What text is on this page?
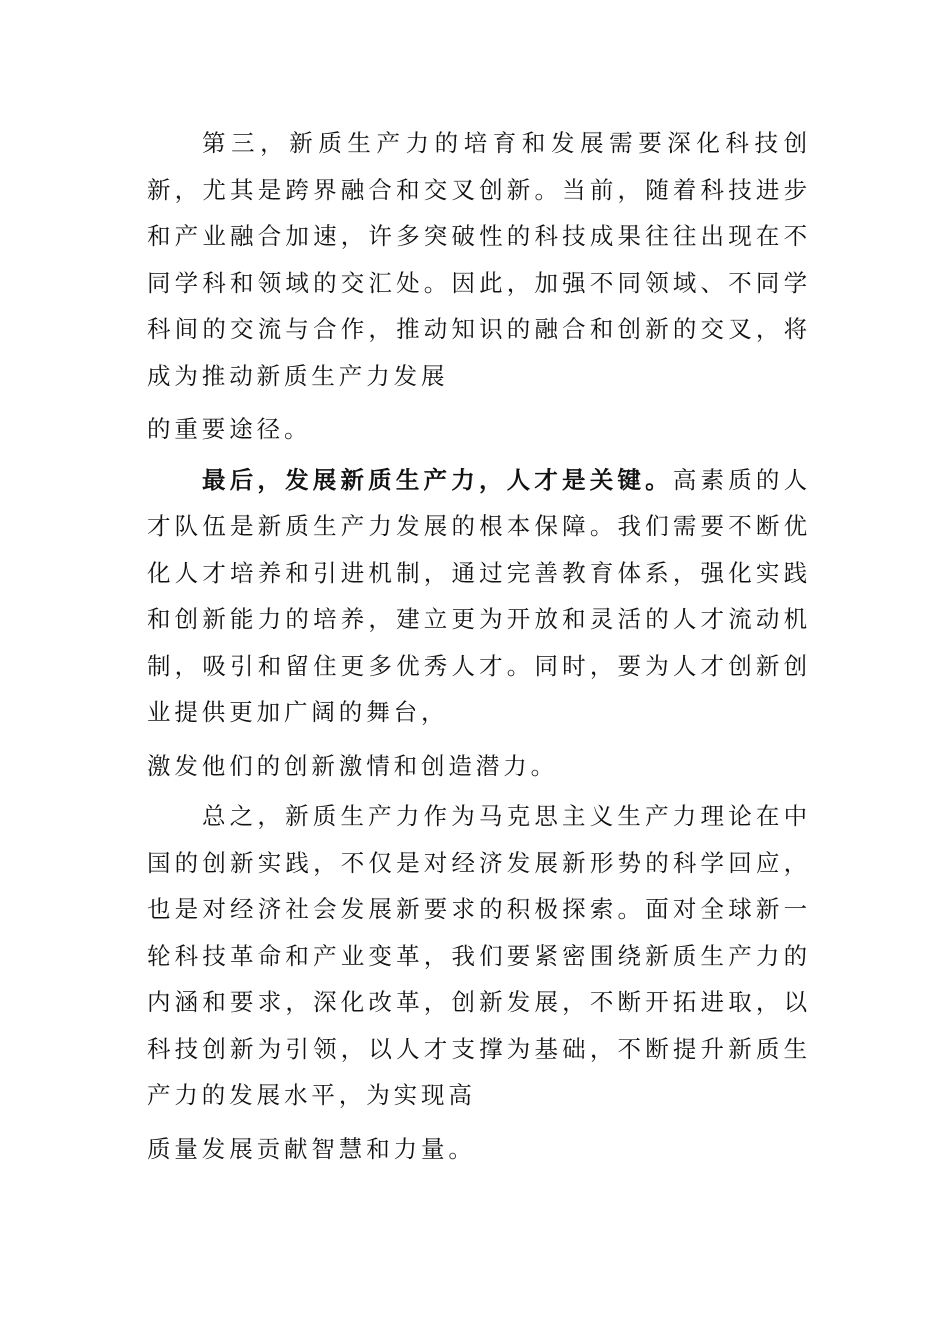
第三，新质生产力的培育和发展需要深化科技创新，尤其是跨界融合和交叉创新。当前，随着科技进步和产业融合加速，许多突破性的科技成果往往出现在不同学科和领域的交汇处。因此，加强不同领域、不同学科间的交流与合作，推动知识的融合和创新的交叉，将成为推动新质生产力发展
的重要途径。

最后，发展新质生产力，人才是关键。高素质的人才队伍是新质生产力发展的根本保障。我们需要不断优化人才培养和引进机制，通过完善教育体系，强化实践和创新能力的培养，建立更为开放和灵活的人才流动机制，吸引和留住更多优秀人才。同时，要为人才创新创业提供更加广阔的舞台，
激发他们的创新激情和创造潜力。

总之，新质生产力作为马克思主义生产力理论在中国的创新实践，不仅是对经济发展新形势的科学回应，也是对经济社会发展新要求的积极探索。面对全球新一轮科技革命和产业变革，我们要紧密围绕新质生产力的内涵和要求，深化改革，创新发展，不断开拓进取，以科技创新为引领，以人才支撑为基础，不断提升新质生产力的发展水平，为实现高
质量发展贡献智慧和力量。
